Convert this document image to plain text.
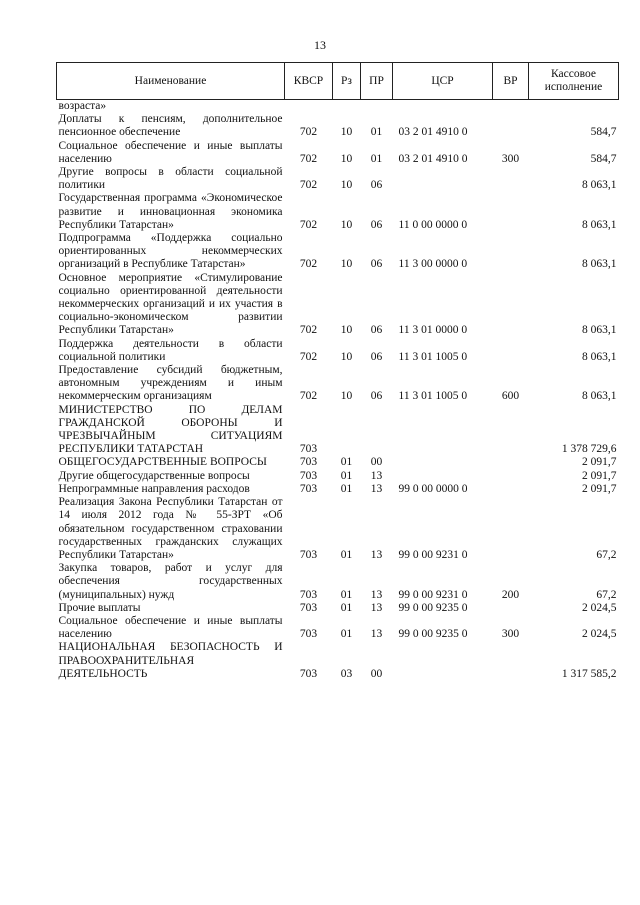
13
Наименование	КВСР	Рз	ПР	ЦСР	ВР	Кассовое исполнение
возраста»						
Доплаты к пенсиям, дополнительное пенсионное обеспечение	702	10	01	03 2 01 4910 0		584,7
Социальное обеспечение и иные выплаты населению	702	10	01	03 2 01 4910 0	300	584,7
Другие вопросы в области социальной политики	702	10	06			8 063,1
Государственная программа «Экономическое развитие и инновационная экономика Республики Татарстан»	702	10	06	11 0 00 0000 0		8 063,1
Подпрограмма «Поддержка социально ориентированных некоммерческих организаций в Республике Татарстан»	702	10	06	11 3 00 0000 0		8 063,1
Основное мероприятие «Стимулирование социально ориентированной деятельности некоммерческих организаций и их участия в социально-экономическом развитии Республики Татарстан»	702	10	06	11 3 01 0000 0		8 063,1
Поддержка деятельности в области социальной политики	702	10	06	11 3 01 1005 0		8 063,1
Предоставление субсидий бюджетным, автономным учреждениям и иным некоммерческим организациям	702	10	06	11 3 01 1005 0	600	8 063,1
МИНИСТЕРСТВО ПО ДЕЛАМ ГРАЖДАНСКОЙ ОБОРОНЫ И ЧРЕЗВЫЧАЙНЫМ СИТУАЦИЯМ РЕСПУБЛИКИ ТАТАРСТАН	703					1 378 729,6
ОБЩЕГОСУДАРСТВЕННЫЕ ВОПРОСЫ	703	01	00			2 091,7
Другие общегосударственные вопросы	703	01	13			2 091,7
Непрограммные направления расходов	703	01	13	99 0 00 0000 0		2 091,7
Реализация Закона Республики Татарстан от 14 июля 2012 года № 55-ЗРТ «Об обязательном государственном страховании государственных гражданских служащих Республики Татарстан»	703	01	13	99 0 00 9231 0		67,2
Закупка товаров, работ и услуг для обеспечения государственных (муниципальных) нужд	703	01	13	99 0 00 9231 0	200	67,2
Прочие выплаты	703	01	13	99 0 00 9235 0		2 024,5
Социальное обеспечение и иные выплаты населению	703	01	13	99 0 00 9235 0	300	2 024,5
НАЦИОНАЛЬНАЯ БЕЗОПАСНОСТЬ И ПРАВООХРАНИТЕЛЬНАЯ ДЕЯТЕЛЬНОСТЬ	703	03	00			1 317 585,2
